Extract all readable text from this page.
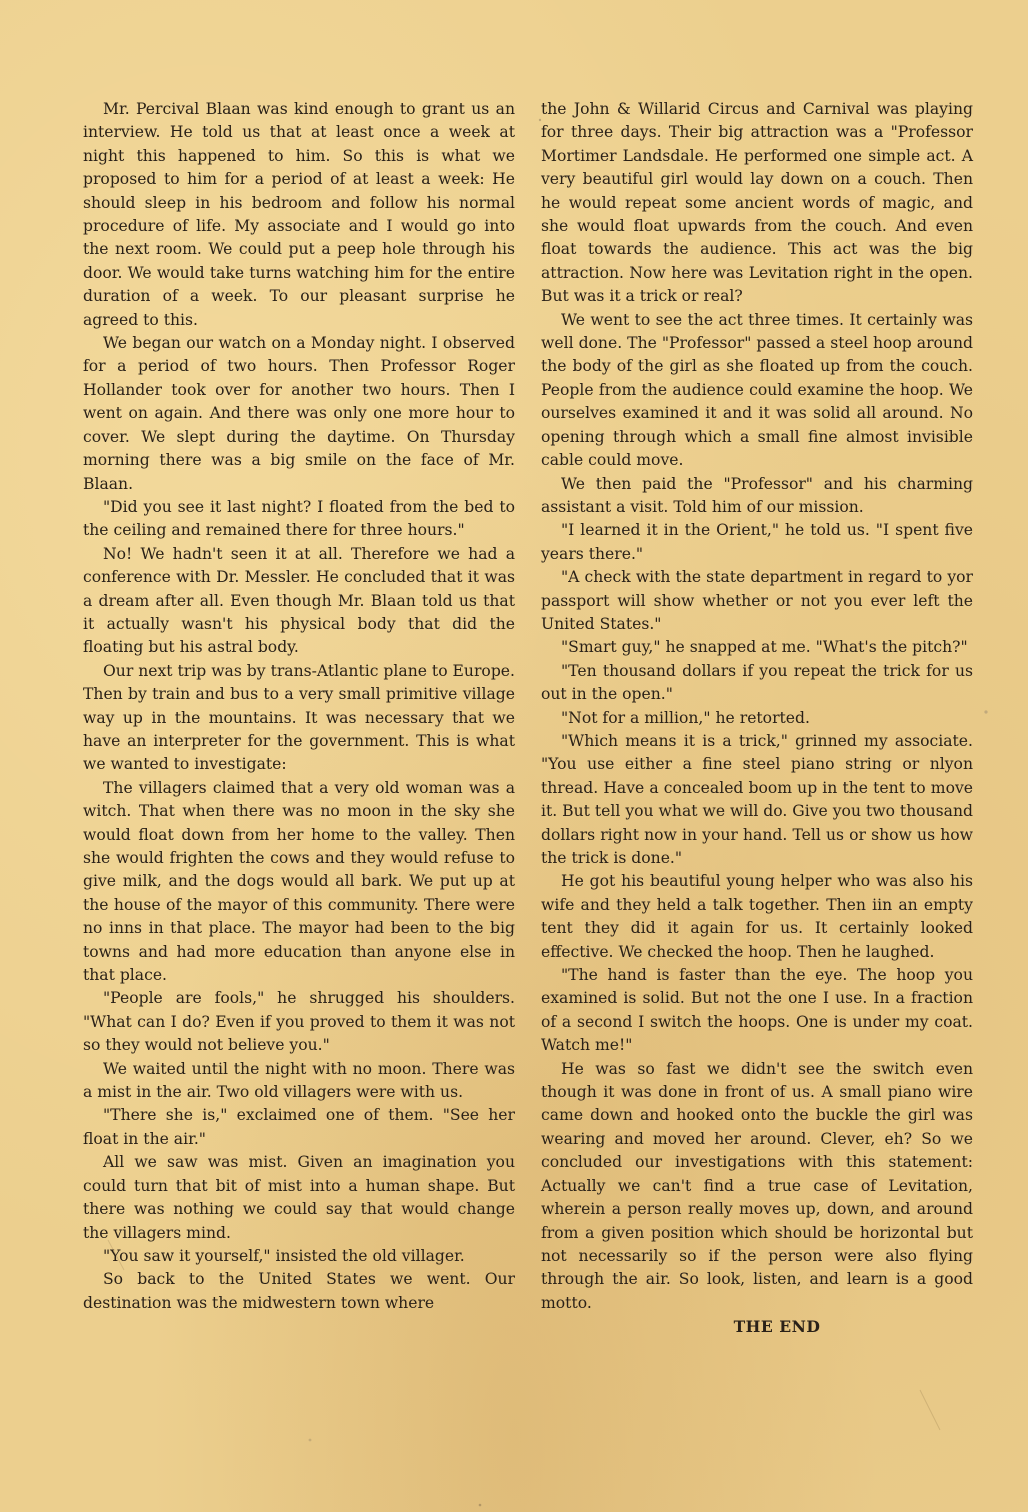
Mr. Percival Blaan was kind enough to grant us an interview. He told us that at least once a week at night this happened to him. So this is what we proposed to him for a period of at least a week: He should sleep in his bedroom and follow his normal procedure of life. My associate and I would go into the next room. We could put a peep hole through his door. We would take turns watching him for the entire duration of a week. To our pleasant surprise he agreed to this.

We began our watch on a Monday night. I observed for a period of two hours. Then Professor Roger Hollander took over for another two hours. Then I went on again. And there was only one more hour to cover. We slept during the daytime. On Thursday morning there was a big smile on the face of Mr. Blaan.

"Did you see it last night? I floated from the bed to the ceiling and remained there for three hours."

No! We hadn't seen it at all. Therefore we had a conference with Dr. Messler. He concluded that it was a dream after all. Even though Mr. Blaan told us that it actually wasn't his physical body that did the floating but his astral body.

Our next trip was by trans-Atlantic plane to Europe. Then by train and bus to a very small primitive village way up in the mountains. It was necessary that we have an interpreter for the government. This is what we wanted to investigate:

The villagers claimed that a very old woman was a witch. That when there was no moon in the sky she would float down from her home to the valley. Then she would frighten the cows and they would refuse to give milk, and the dogs would all bark. We put up at the house of the mayor of this community. There were no inns in that place. The mayor had been to the big towns and had more education than anyone else in that place.

"People are fools," he shrugged his shoulders. "What can I do? Even if you proved to them it was not so they would not believe you."

We waited until the night with no moon. There was a mist in the air. Two old villagers were with us.

"There she is," exclaimed one of them. "See her float in the air."

All we saw was mist. Given an imagination you could turn that bit of mist into a human shape. But there was nothing we could say that would change the villagers mind.

"You saw it yourself," insisted the old villager.

So back to the United States we went. Our destination was the midwestern town where

the John & Willarid Circus and Carnival was playing for three days. Their big attraction was a "Professor Mortimer Landsdale. He performed one simple act. A very beautiful girl would lay down on a couch. Then he would repeat some ancient words of magic, and she would float upwards from the couch. And even float towards the audience. This act was the big attraction. Now here was Levitation right in the open. But was it a trick or real?

We went to see the act three times. It certainly was well done. The "Professor" passed a steel hoop around the body of the girl as she floated up from the couch. People from the audience could examine the hoop. We ourselves examined it and it was solid all around. No opening through which a small fine almost invisible cable could move.

We then paid the "Professor" and his charming assistant a visit. Told him of our mission.

"I learned it in the Orient," he told us. "I spent five years there."

"A check with the state department in regard to yor passport will show whether or not you ever left the United States."

"Smart guy," he snapped at me. "What's the pitch?"

"Ten thousand dollars if you repeat the trick for us out in the open."

"Not for a million," he retorted.

"Which means it is a trick," grinned my associate. "You use either a fine steel piano string or nlyon thread. Have a concealed boom up in the tent to move it. But tell you what we will do. Give you two thousand dollars right now in your hand. Tell us or show us how the trick is done."

He got his beautiful young helper who was also his wife and they held a talk together. Then iin an empty tent they did it again for us. It certainly looked effective. We checked the hoop. Then he laughed.

"The hand is faster than the eye. The hoop you examined is solid. But not the one I use. In a fraction of a second I switch the hoops. One is under my coat. Watch me!"

He was so fast we didn't see the switch even though it was done in front of us. A small piano wire came down and hooked onto the buckle the girl was wearing and moved her around. Clever, eh? So we concluded our investigations with this statement: Actually we can't find a true case of Levitation, wherein a person really moves up, down, and around from a given position which should be horizontal but not necessarily so if the person were also flying through the air. So look, listen, and learn is a good motto.

THE END
